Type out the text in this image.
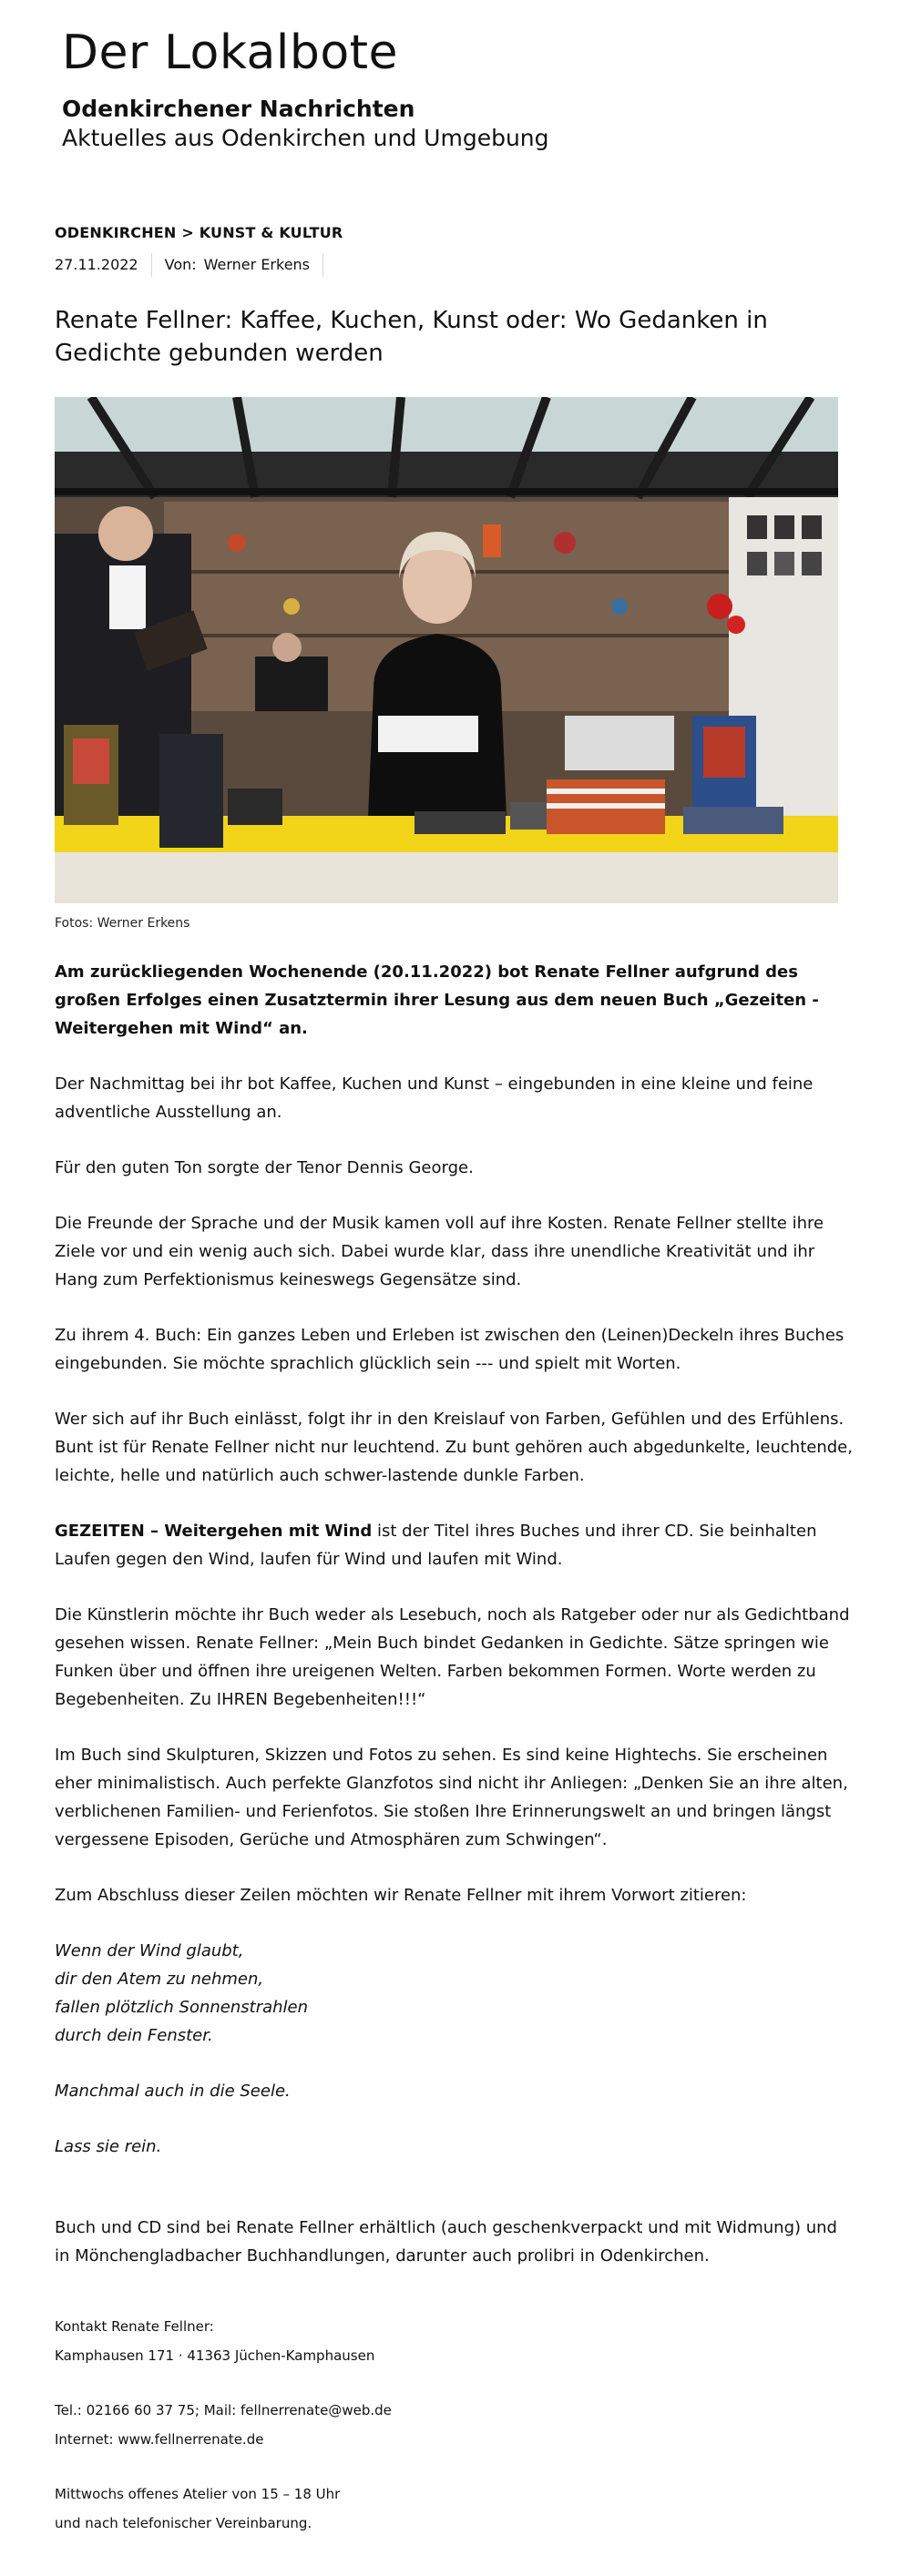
Der Lokalbote
Odenkirchener Nachrichten
Aktuelles aus Odenkirchen und Umgebung
ODENKIRCHEN > KUNST & KULTUR
27.11.2022 Von: Werner Erkens
Renate Fellner: Kaffee, Kuchen, Kunst oder: Wo Gedanken in Gedichte gebunden werden
Fotos: Werner Erkens

Am zurückliegenden Wochenende (20.11.2022) bot Renate Fellner aufgrund des großen Erfolges einen Zusatztermin ihrer Lesung aus dem neuen Buch „Gezeiten - Weitergehen mit Wind“ an.

Der Nachmittag bei ihr bot Kaffee, Kuchen und Kunst – eingebunden in eine kleine und feine adventliche Ausstellung an.

Für den guten Ton sorgte der Tenor Dennis George.

Die Freunde der Sprache und der Musik kamen voll auf ihre Kosten. Renate Fellner stellte ihre Ziele vor und ein wenig auch sich. Dabei wurde klar, dass ihre unendliche Kreativität und ihr Hang zum Perfektionismus keineswegs Gegensätze sind.

Zu ihrem 4. Buch: Ein ganzes Leben und Erleben ist zwischen den (Leinen)Deckeln ihres Buches eingebunden. Sie möchte sprachlich glücklich sein --- und spielt mit Worten.

Wer sich auf ihr Buch einlässt, folgt ihr in den Kreislauf von Farben, Gefühlen und des Erfühlens. Bunt ist für Renate Fellner nicht nur leuchtend. Zu bunt gehören auch abgedunkelte, leuchtende, leichte, helle und natürlich auch schwer-lastende dunkle Farben.

GEZEITEN – Weitergehen mit Wind ist der Titel ihres Buches und ihrer CD. Sie beinhalten Laufen gegen den Wind, laufen für Wind und laufen mit Wind.

Die Künstlerin möchte ihr Buch weder als Lesebuch, noch als Ratgeber oder nur als Gedichtband gesehen wissen. Renate Fellner: „Mein Buch bindet Gedanken in Gedichte. Sätze springen wie Funken über und öffnen ihre ureigenen Welten. Farben bekommen Formen. Worte werden zu Begebenheiten. Zu IHREN Begebenheiten!!!“

Im Buch sind Skulpturen, Skizzen und Fotos zu sehen. Es sind keine Hightechs. Sie erscheinen eher minimalistisch. Auch perfekte Glanzfotos sind nicht ihr Anliegen: „Denken Sie an ihre alten, verblichenen Familien- und Ferienfotos. Sie stoßen Ihre Erinnerungswelt an und bringen längst vergessene Episoden, Gerüche und Atmosphären zum Schwingen“.

Zum Abschluss dieser Zeilen möchten wir Renate Fellner mit ihrem Vorwort zitieren:

Wenn der Wind glaubt,
dir den Atem zu nehmen,
fallen plötzlich Sonnenstrahlen
durch dein Fenster.
Manchmal auch in die Seele.
Lass sie rein.

Buch und CD sind bei Renate Fellner erhältlich (auch geschenkverpackt und mit Widmung) und in Mönchengladbacher Buchhandlungen, darunter auch prolibri in Odenkirchen.

Kontakt Renate Fellner:
Kamphausen 171 · 41363 Jüchen-Kamphausen
Tel.: 02166 60 37 75; Mail: fellnerrenate@web.de
Internet: www.fellnerrenate.de
Mittwochs offenes Atelier von 15 – 18 Uhr
und nach telefonischer Vereinbarung.
